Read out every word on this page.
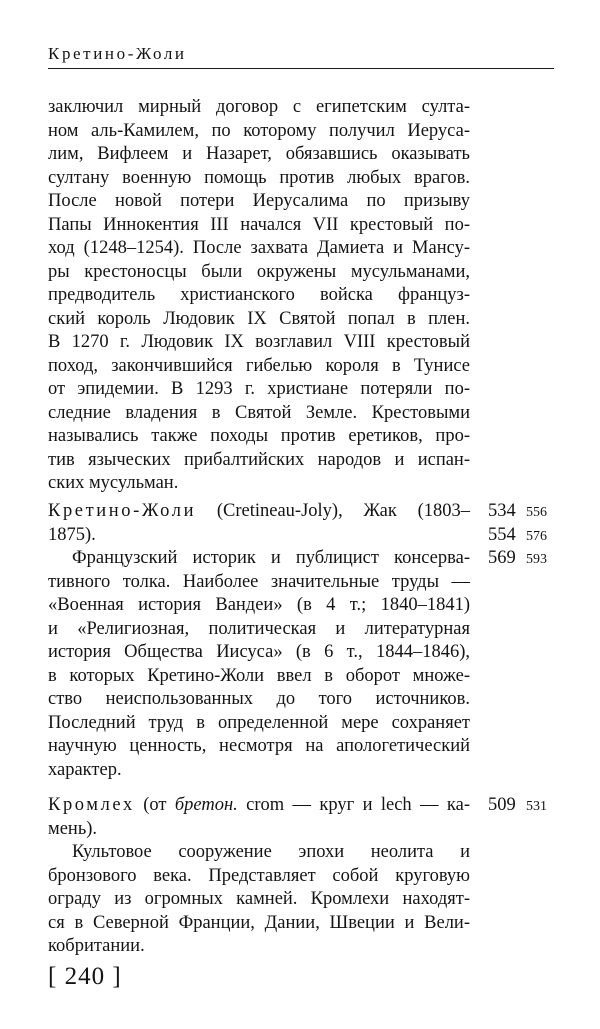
Кретино-Жоли
заключил мирный договор с египетским султа-
ном аль-Камилем, по которому получил Иеруса-
лим, Вифлеем и Назарет, обязавшись оказывать
султану военную помощь против любых врагов.
После новой потери Иерусалима по призыву
Папы Иннокентия III начался VII крестовый по-
ход (1248–1254). После захвата Дамиета и Мансу-
ры крестоносцы были окружены мусульманами,
предводитель христианского войска француз-
ский король Людовик IX Святой попал в плен.
В 1270 г. Людовик IX возглавил VIII крестовый
поход, закончившийся гибелью короля в Тунисе
от эпидемии. В 1293 г. христиане потеряли по-
следние владения в Святой Земле. Крестовыми
назывались также походы против еретиков, про-
тив языческих прибалтийских народов и испан-
ских мусульман.
Кретино-Жоли (Cretineau-Joly), Жак (1803–
1875).
Французский историк и публицист консерва-
тивного толка. Наиболее значительные труды —
«Военная история Вандеи» (в 4 т.; 1840–1841)
и «Религиозная, политическая и литературная
история Общества Иисуса» (в 6 т., 1844–1846),
в которых Кретино-Жоли ввел в оборот множе-
ство неиспользованных до того источников.
Последний труд в определенной мере сохраняет
научную ценность, несмотря на апологетический
характер.
534 556
554 576
569 593
Кромлех (от бретон. crom — круг и lech — ка-
мень).
Культовое сооружение эпохи неолита и
бронзового века. Представляет собой круговую
ограду из огромных камней. Кромлехи находят-
ся в Северной Франции, Дании, Швеции и Вели-
кобритании.
509 531
[ 240 ]
